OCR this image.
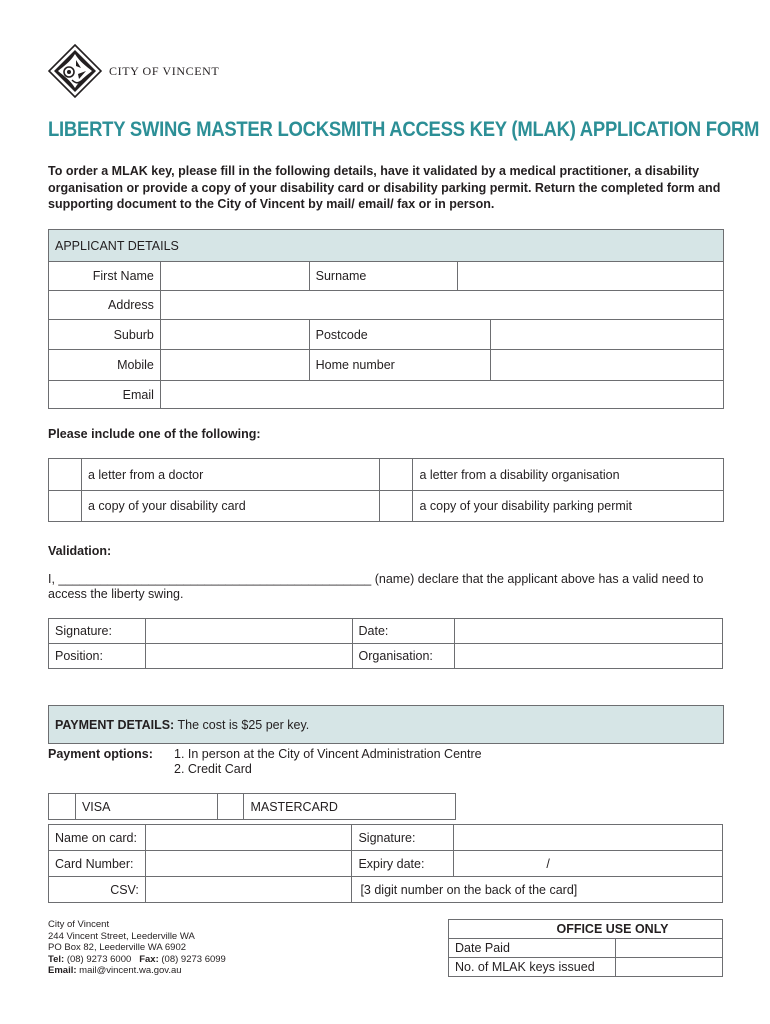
CITY OF VINCENT
LIBERTY SWING MASTER LOCKSMITH ACCESS KEY (MLAK) APPLICATION FORM
To order a MLAK key, please fill in the following details, have it validated by a medical practitioner, a disability organisation or provide a copy of your disability card or disability parking permit. Return the completed form and supporting document to the City of Vincent by mail/ email/ fax or in person.
APPLICANT DETAILS				
First Name		Surname		
Address				
Suburb		Postcode		
Mobile		Home number		
Email				
Please include one of the following:
	a letter from a doctor		a letter from a disability organisation
	a copy of your disability card		a copy of your disability parking permit
Validation:
I, _____________________________________________ (name) declare that the applicant above has a valid need to
access the liberty swing.
Signature:		Date:	
Position:		Organisation:	
PAYMENT DETAILS: The cost is $25 per key.
Payment options: 1. In person at the City of Vincent Administration Centre
2. Credit Card
	VISA		MASTERCARD
Name on card:		Signature:	
Card Number:		Expiry date:	/
CSV:		[3 digit number on the back of the card]	
City of Vincent
244 Vincent Street, Leederville WA
PO Box 82, Leederville WA 6902
Tel: (08) 9273 6000 Fax: (08) 9273 6099
Email: mail@vincent.wa.gov.au
OFFICE USE ONLY	
Date Paid	
No. of MLAK keys issued	
